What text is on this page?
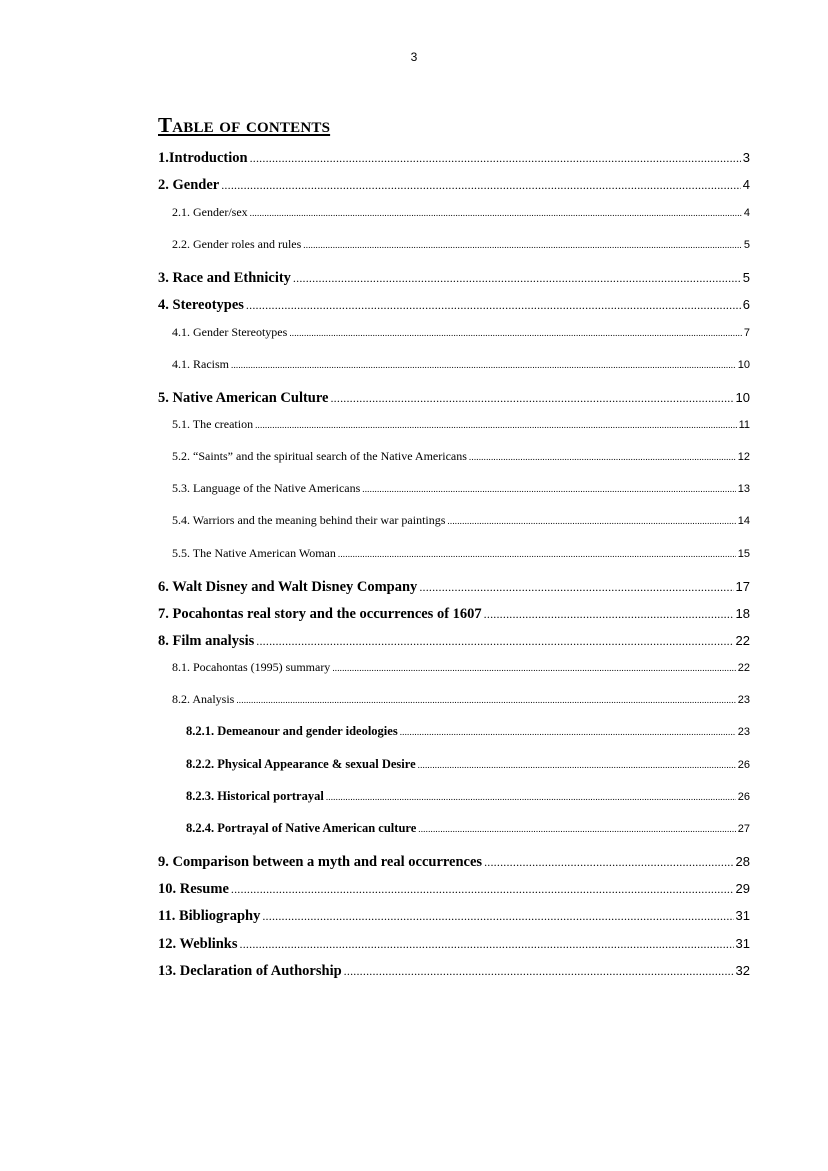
3
Table of contents
1.Introduction .....	3
2. Gender .....	4
2.1. Gender/sex .....	4
2.2. Gender roles and rules .....	5
3. Race and Ethnicity .....	5
4. Stereotypes .....	6
4.1. Gender Stereotypes .....	7
4.1. Racism .....	10
5. Native American Culture .....	10
5.1. The creation .....	11
5.2. “Saints” and the spiritual search of the Native Americans .....	12
5.3. Language of the Native Americans .....	13
5.4. Warriors and the meaning behind their war paintings .....	14
5.5. The Native American Woman .....	15
6. Walt Disney and Walt Disney Company .....	17
7. Pocahontas real story and the occurrences of 1607 .....	18
8. Film analysis .....	22
8.1. Pocahontas (1995) summary .....	22
8.2. Analysis .....	23
8.2.1. Demeanour and gender ideologies .....	23
8.2.2. Physical Appearance & sexual Desire .....	26
8.2.3. Historical portrayal .....	26
8.2.4. Portrayal of Native American culture .....	27
9. Comparison between a myth and real occurrences .....	28
10. Resume .....	29
11. Bibliography .....	31
12. Weblinks .....	31
13. Declaration of Authorship .....	32
